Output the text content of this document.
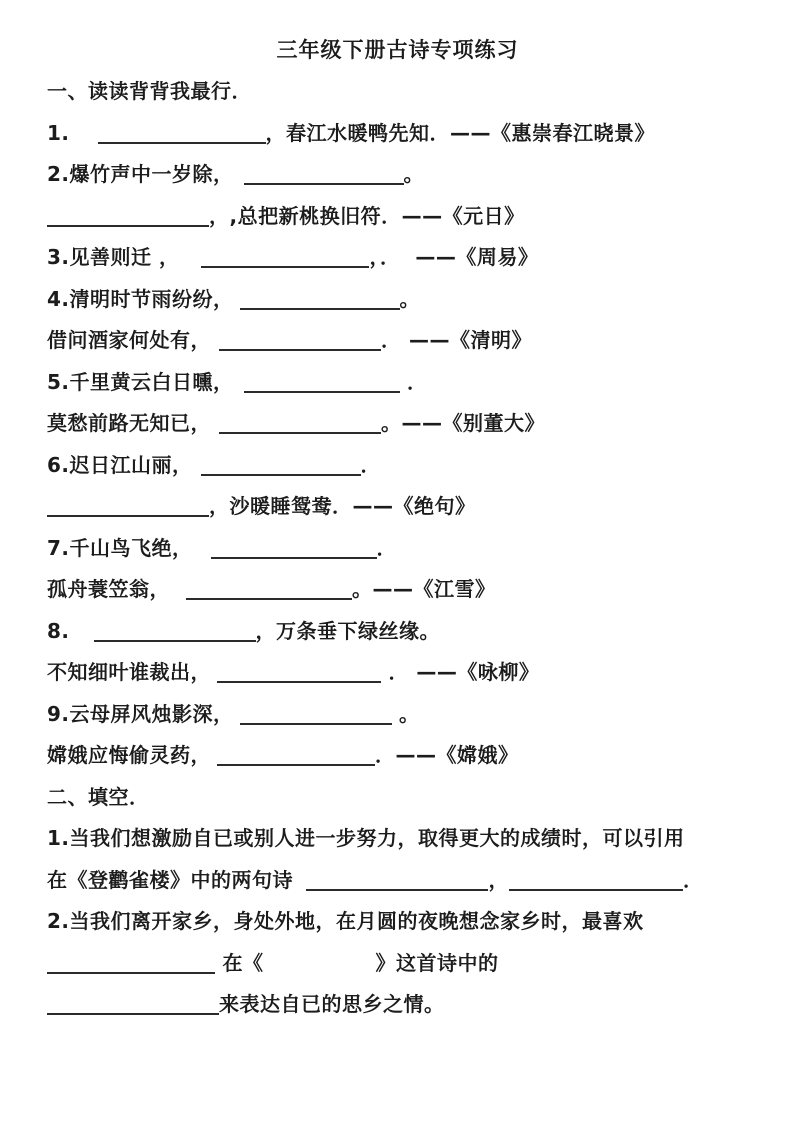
三年级下册古诗专项练习
一、读读背背我最行．
1.	，春江水暖鸭先知．——《惠崇春江晓景》
2.爆竹声中一岁除，	。
，,总把新桃换旧符．——《元日》
3.见善则迁 ，	，．  ——《周易》
4.清明时节雨纷纷，	。
借问酒家何处有，	． ——《清明》
5.千里黄云白日曛，	．
莫愁前路无知已，	。——《别董大》
6.迟日江山丽，	．
，沙暖睡鸳鸯．——《绝句》
7.千山鸟飞绝，	．
孤舟蓑笠翁，	。——《江雪》
8.	，万条垂下绿丝缘。
不知细叶谁裁出，	． ——《咏柳》
9.云母屏风烛影深，	。
嫦娥应悔偷灵药，	．——《嫦娥》
二、填空．
1.当我们想激励自已或别人进一步努力，取得更大的成绩时，可以引用
在《登鹳雀楼》中的两句诗	，	．
2.当我们离开家乡，身处外地，在月圆的夜晚想念家乡时，最喜欢
在《	》这首诗中的
来表达自已的思乡之情。
